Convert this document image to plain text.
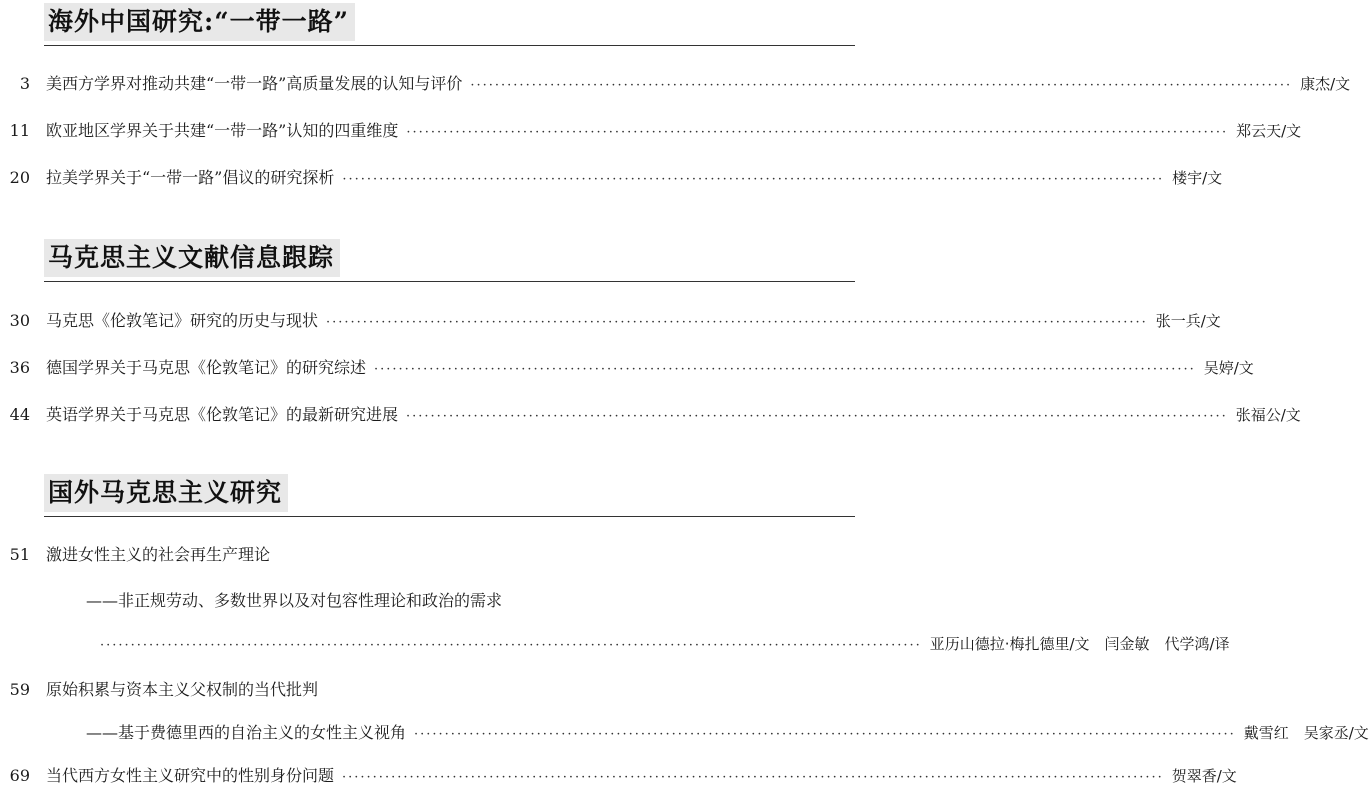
海外中国研究:“一带一路”
3 美西方学界对推动共建“一带一路”高质量发展的认知与评价 ······································································································································ 康杰/文
11 欧亚地区学界关于共建“一带一路”认知的四重维度 ······································································································································ 郑云天/文
20 拉美学界关于“一带一路”倡议的研究探析 ······································································································································ 楼宇/文
马克思主义文献信息跟踪
30 马克思《伦敦笔记》研究的历史与现状 ······································································································································ 张一兵/文
36 德国学界关于马克思《伦敦笔记》的研究综述 ······································································································································ 吴婷/文
44 英语学界关于马克思《伦敦笔记》的最新研究进展 ······································································································································ 张福公/文
国外马克思主义研究
51 激进女性主义的社会再生产理论
——非正规劳动、多数世界以及对包容性理论和政治的需求
······································································································································ 亚历山德拉·梅扎德里/文　闫金敏　代学鸿/译
59 原始积累与资本主义父权制的当代批判
——基于费德里西的自治主义的女性主义视角 ······································································································································ 戴雪红　吴家丞/文
69 当代西方女性主义研究中的性别身份问题 ······································································································································ 贺翠香/文
